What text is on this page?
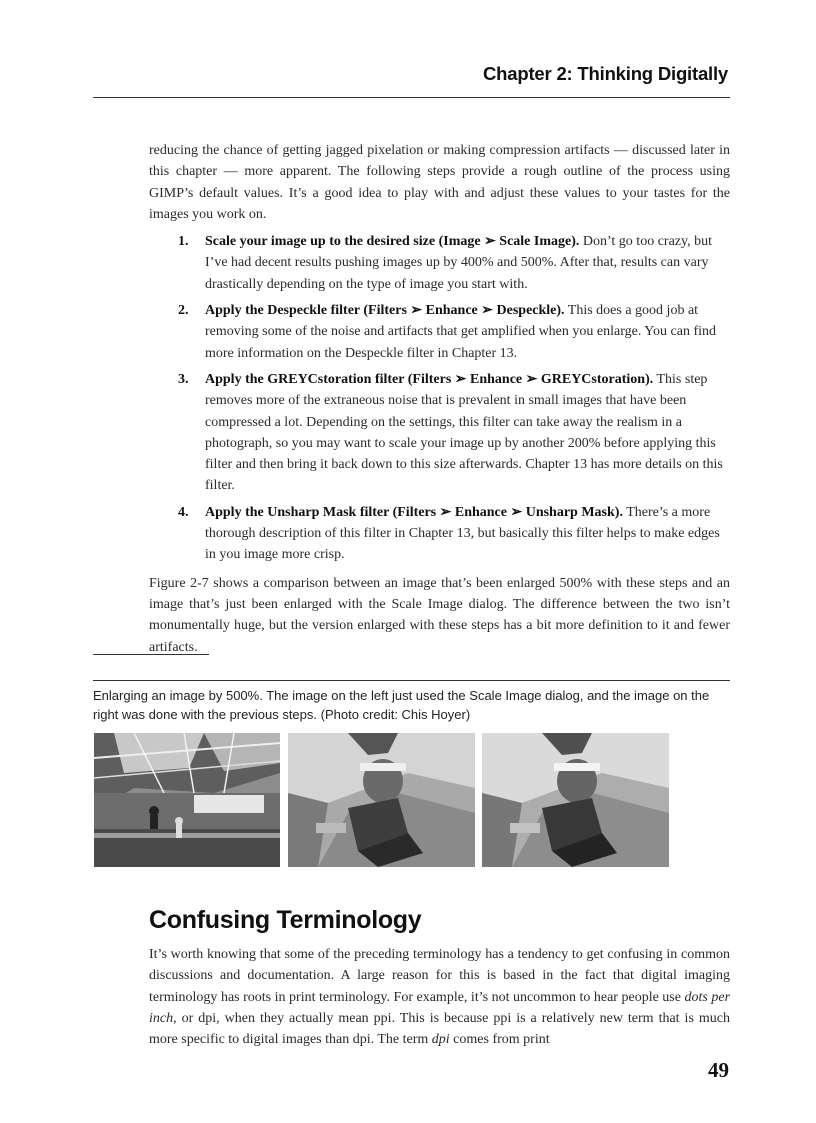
Chapter 2: Thinking Digitally

reducing the chance of getting jagged pixelation or making compression artifacts — discussed later in this chapter — more apparent. The following steps provide a rough outline of the process using GIMP’s default values. It’s a good idea to play with and adjust these values to your tastes for the images you work on.

1. Scale your image up to the desired size (Image ➢ Scale Image). Don’t go too crazy, but I’ve had decent results pushing images up by 400% and 500%. After that, results can vary drastically depending on the type of image you start with.
2. Apply the Despeckle filter (Filters ➢ Enhance ➢ Despeckle). This does a good job at removing some of the noise and artifacts that get amplified when you enlarge. You can find more information on the Despeckle filter in Chapter 13.
3. Apply the GREYCstoration filter (Filters ➢ Enhance ➢ GREYCstoration). This step removes more of the extraneous noise that is prevalent in small images that have been compressed a lot. Depending on the settings, this filter can take away the realism in a photograph, so you may want to scale your image up by another 200% before applying this filter and then bring it back down to this size afterwards. Chapter 13 has more details on this filter.
4. Apply the Unsharp Mask filter (Filters ➢ Enhance ➢ Unsharp Mask). There’s a more thorough description of this filter in Chapter 13, but basically this filter helps to make edges in you image more crisp.

Figure 2-7 shows a comparison between an image that’s been enlarged 500% with these steps and an image that’s just been enlarged with the Scale Image dialog. The difference between the two isn’t monumentally huge, but the version enlarged with these steps has a bit more definition to it and fewer artifacts.

Enlarging an image by 500%. The image on the left just used the Scale Image dialog, and the image on the right was done with the previous steps. (Photo credit: Chis Hoyer)
Confusing Terminology

It’s worth knowing that some of the preceding terminology has a tendency to get confusing in common discussions and documentation. A large reason for this is based in the fact that digital imaging terminology has roots in print terminology. For example, it’s not uncommon to hear people use dots per inch, or dpi, when they actually mean ppi. This is because ppi is a relatively new term that is much more specific to digital images than dpi. The term dpi comes from print

49
